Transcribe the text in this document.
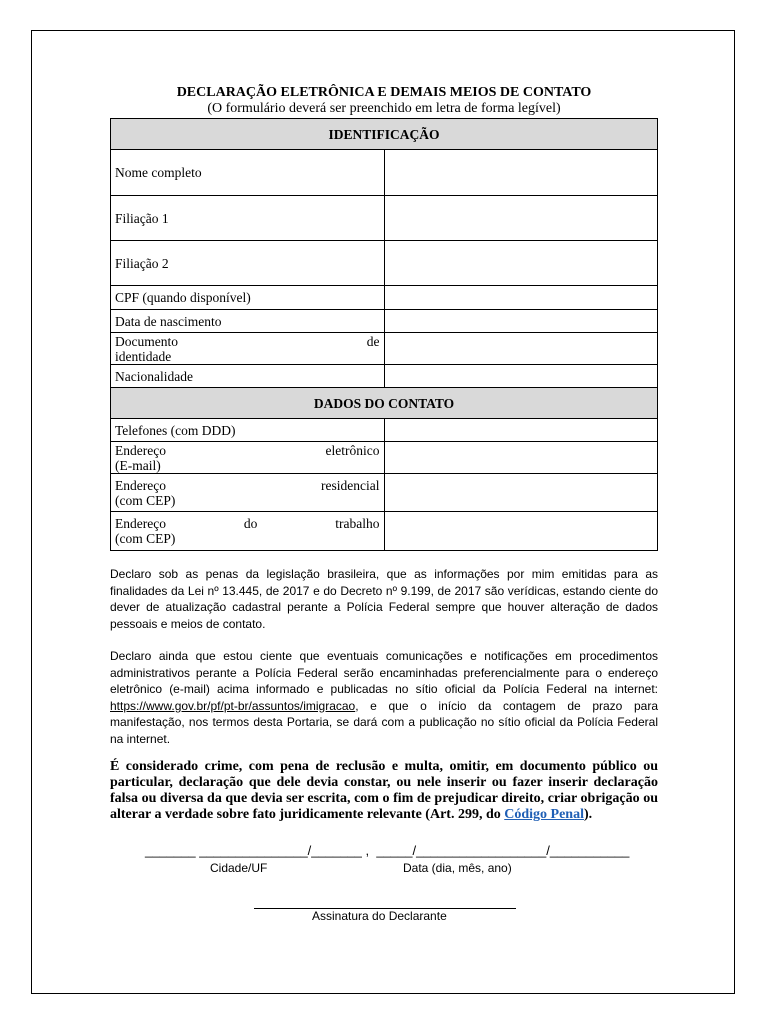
DECLARAÇÃO ELETRÔNICA E DEMAIS MEIOS DE CONTATO
(O formulário deverá ser preenchido em letra de forma legível)
IDENTIFICAÇÃO	
Nome completo	
Filiação 1	
Filiação 2	
CPF (quando disponível)	
Data de nascimento	
Documento de
identidade	

Nacionalidade	
DADOS DO CONTATO	
Telefones (com DDD)	
Endereço eletrônico
(E-mail)	

Endereço residencial
(com CEP)	

Endereço do trabalho
(com CEP)	

Declaro sob as penas da legislação brasileira, que as informações por mim emitidas para as finalidades da Lei nº 13.445, de 2017 e do Decreto nº 9.199, de 2017 são verídicas, estando ciente do dever de atualização cadastral perante a Polícia Federal sempre que houver alteração de dados pessoais e meios de contato.
Declaro ainda que estou ciente que eventuais comunicações e notificações em procedimentos administrativos perante a Polícia Federal serão encaminhadas preferencialmente para o endereço eletrônico (e-mail) acima informado e publicadas no sítio oficial da Polícia Federal na internet: https://www.gov.br/pf/pt-br/assuntos/imigracao, e que o início da contagem de prazo para manifestação, nos termos desta Portaria, se dará com a publicação no sítio oficial da Polícia Federal na internet.
É considerado crime, com pena de reclusão e multa, omitir, em documento público ou particular, declaração que dele devia constar, ou nele inserir ou fazer inserir declaração falsa ou diversa da que devia ser escrita, com o fim de prejudicar direito, criar obrigação ou alterar a verdade sobre fato juridicamente relevante (Art. 299, do Código Penal).
_______ _______________/_______ ,  _____/__________________/___________
Cidade/UF	Data (dia, mês, ano)
Assinatura do Declarante
